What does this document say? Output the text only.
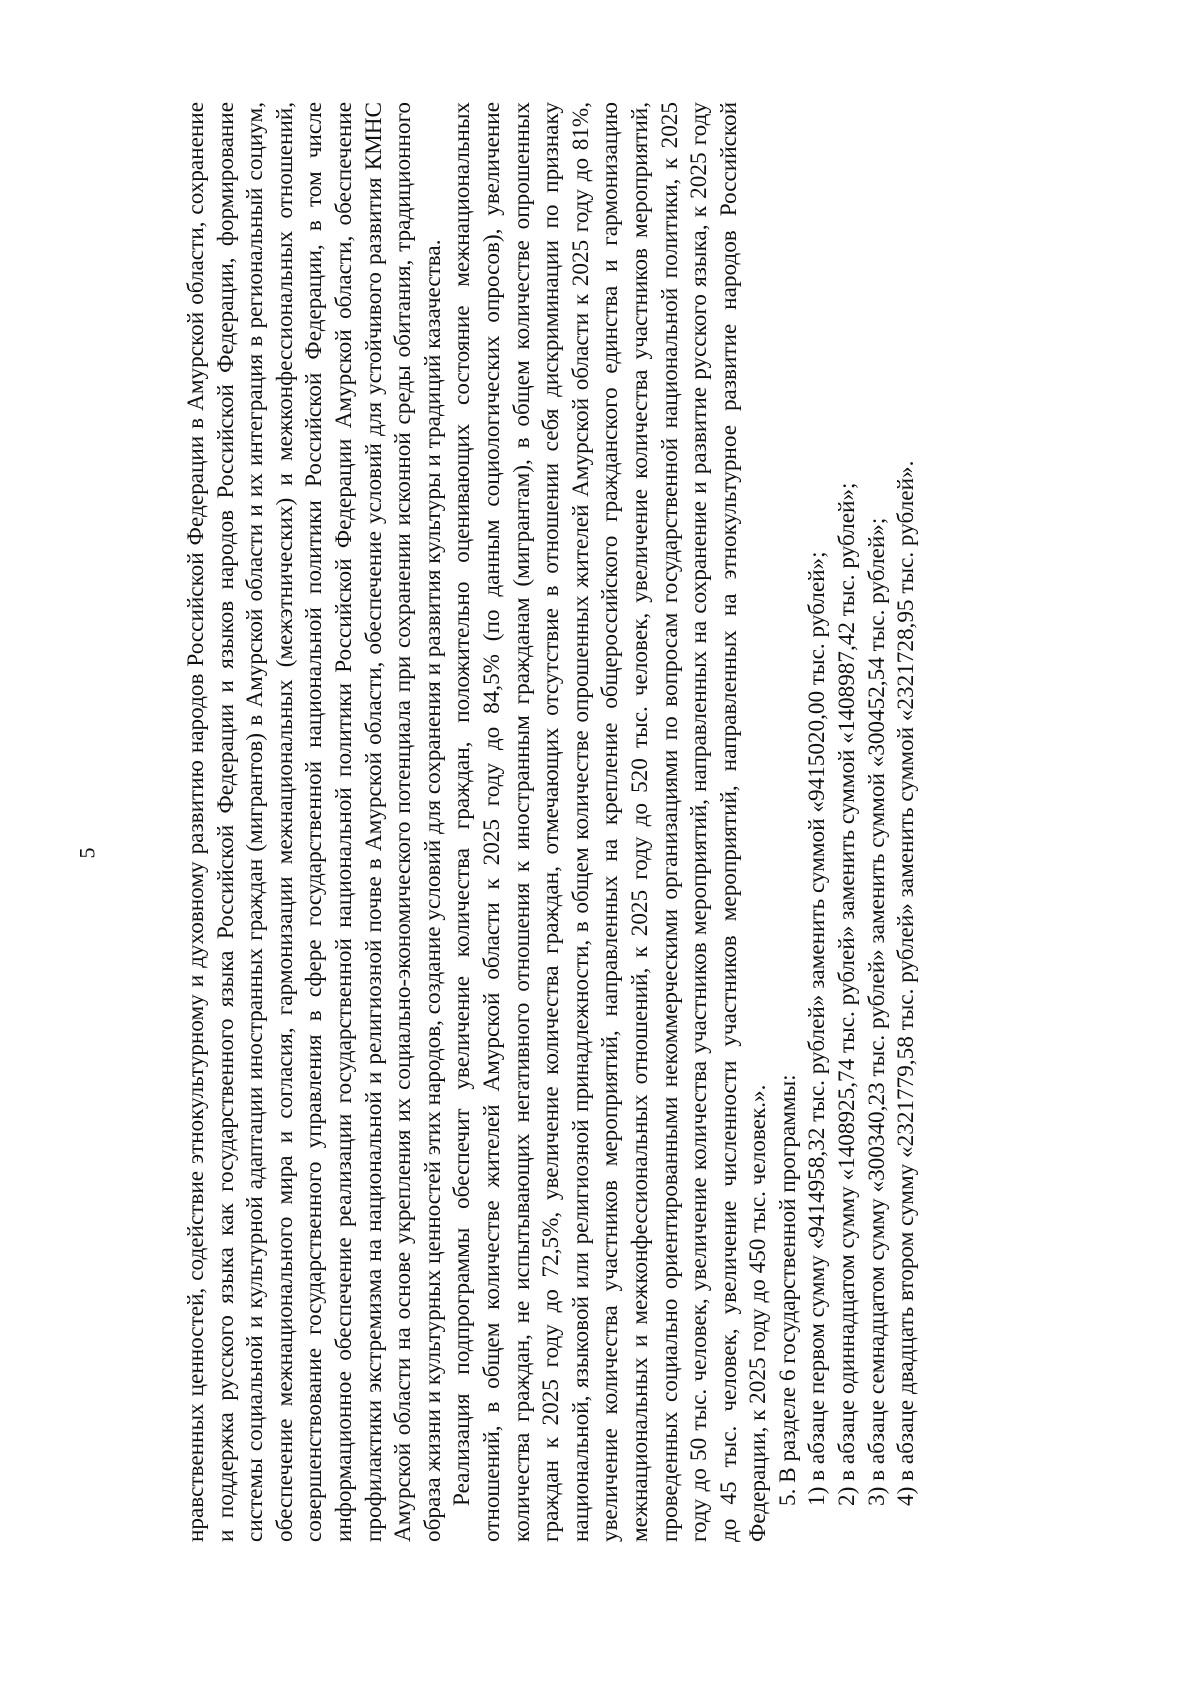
5	нравственных ценностей, содействие этнокультурному и духовному развитию народов Российской Федерации в Амурской области, сохранение и поддержка русского языка как государственного языка Российской Федерации и языков народов Российской Федерации, формирование системы социальной и культурной адаптации иностранных граждан (мигрантов) в Амурской области и их интеграция в региональный социум, обеспечение межнационального мира и согласия, гармонизации межнациональных (межэтнических) и межконфессиональных отношений, совершенствование государственного управления в сфере государственной национальной политики Российской Федерации, в том числе информационное обеспечение реализации государственной национальной политики Российской Федерации Амурской области, обеспечение профилактики экстремизма на национальной и религиозной почве в Амурской области, обеспечение условий для устойчивого развития КМНС Амурской области на основе укрепления их социально-экономического потенциала при сохранении исконной среды обитания, традиционного образа жизни и культурных ценностей этих народов, создание условий для сохранения и развития культуры и традиций казачества. Реализация подпрограммы обеспечит увеличение количества граждан, положительно оценивающих состояние межнациональных отношений, в общем количестве жителей Амурской области к 2025 году до 84,5% (по данным социологических опросов), увеличение количества граждан, не испытывающих негативного отношения к иностранным гражданам (мигрантам), в общем количестве опрошенных граждан к 2025 году до 72,5%, увеличение количества граждан, отмечающих отсутствие в отношении себя дискриминации по признаку национальной, языковой или религиозной принадлежности, в общем количестве опрошенных жителей Амурской области к 2025 году до 81%, увеличение количества участников мероприятий, направленных на крепление общероссийского гражданского единства и гармонизацию межнациональных и межконфессиональных отношений, к 2025 году до 520 тыс. человек, увеличение количества участников мероприятий, проведенных социально ориентированными некоммерческими организациями по вопросам государственной национальной политики, к 2025 году до 50 тыс. человек, увеличение количества участников мероприятий, направленных на сохранение и развитие русского языка, к 2025 году до 45 тыс. человек, увеличение численности участников мероприятий, направленных на этнокультурное развитие народов Российской Федерации, к 2025 году до 450 тыс. человек.». 5. В разделе 6 государственной программы: 1) в абзаце первом сумму «9414958,32 тыс. рублей» заменить суммой «9415020,00 тыс. рублей»; 2) в абзаце одиннадцатом сумму «1408925,74 тыс. рублей» заменить суммой «1408987,42 тыс. рублей»; 3) в абзаце семнадцатом сумму «300340,23 тыс. рублей» заменить суммой «300452,54 тыс. рублей»; 4) в абзаце двадцать втором сумму «2321779,58 тыс. рублей» заменить суммой «2321728,95 тыс. рублей».
